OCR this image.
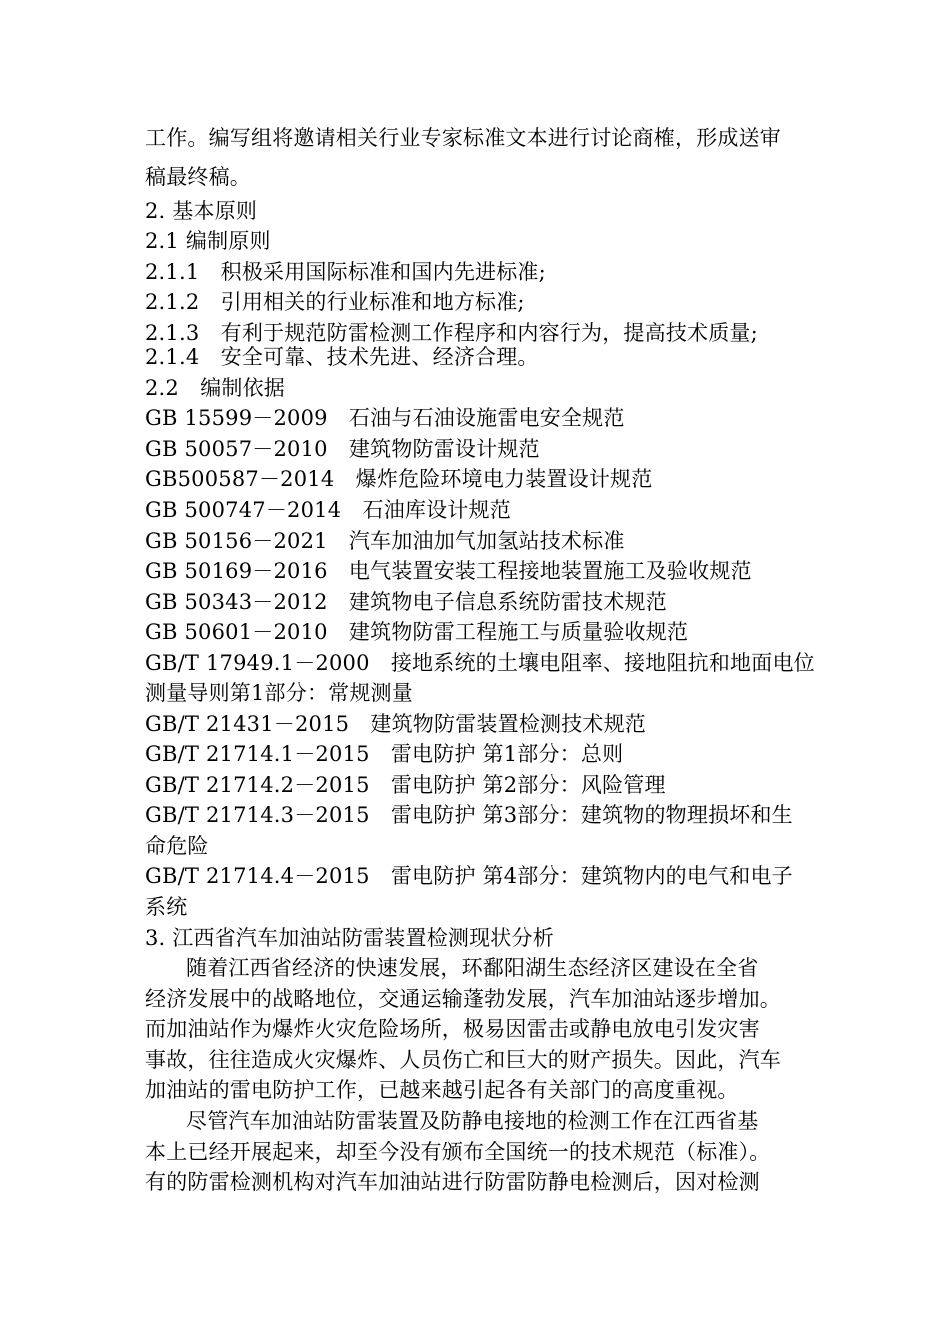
工作。编写组将邀请相关行业专家标准文本进行讨论商榷，形成送审
稿最终稿。
2. 基本原则
2.1 编制原则
2.1.1　积极采用国际标准和国内先进标准;
2.1.2　引用相关的行业标准和地方标准;
2.1.3　有利于规范防雷检测工作程序和内容行为，提高技术质量;
2.1.4　安全可靠、技术先进、经济合理。
2.2　编制依据
GB 15599－2009　石油与石油设施雷电安全规范
GB 50057－2010　建筑物防雷设计规范
GB500587－2014　爆炸危险环境电力装置设计规范
GB 500747－2014　石油库设计规范
GB 50156－2021　汽车加油加气加氢站技术标准
GB 50169－2016　电气装置安装工程接地装置施工及验收规范
GB 50343－2012　建筑物电子信息系统防雷技术规范
GB 50601－2010　建筑物防雷工程施工与质量验收规范
GB/T 17949.1－2000　接地系统的土壤电阻率、接地阻抗和地面电位
测量导则第1部分：常规测量
GB/T 21431－2015　建筑物防雷装置检测技术规范
GB/T 21714.1－2015　雷电防护 第1部分：总则
GB/T 21714.2－2015　雷电防护 第2部分：风险管理
GB/T 21714.3－2015　雷电防护 第3部分：建筑物的物理损坏和生
命危险
GB/T 21714.4－2015　雷电防护 第4部分：建筑物内的电气和电子
系统
3. 江西省汽车加油站防雷装置检测现状分析
随着江西省经济的快速发展，环鄱阳湖生态经济区建设在全省
经济发展中的战略地位，交通运输蓬勃发展，汽车加油站逐步增加。
而加油站作为爆炸火灾危险场所，极易因雷击或静电放电引发灾害
事故，往往造成火灾爆炸、人员伤亡和巨大的财产损失。因此，汽车
加油站的雷电防护工作，已越来越引起各有关部门的高度重视。
尽管汽车加油站防雷装置及防静电接地的检测工作在江西省基
本上已经开展起来，却至今没有颁布全国统一的技术规范（标准）。
有的防雷检测机构对汽车加油站进行防雷防静电检测后，因对检测
